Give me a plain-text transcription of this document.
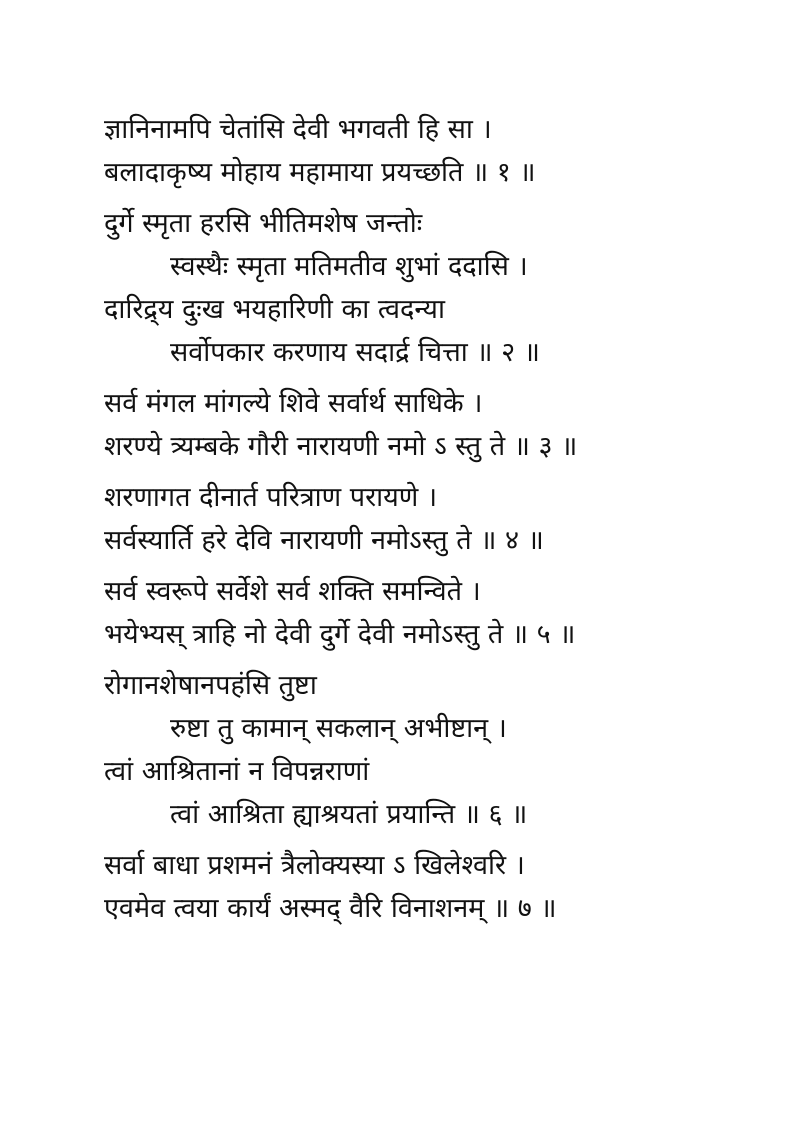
ज्ञानिनामपि चेतांसि देवी भगवती हि सा ।
बलादाकृष्य मोहाय महामाया प्रयच्छति ॥ १ ॥
दुर्गे स्मृता हरसि भीतिमशेष जन्तोः
स्वस्थैः स्मृता मतिमतीव शुभां ददासि ।
दारिद्र्य दुःख भयहारिणी का त्वदन्या
सर्वोपकार करणाय सदार्द्र चित्ता ॥ २ ॥
सर्व मंगल मांगल्ये शिवे सर्वार्थ साधिके ।
शरण्ये त्र्यम्बके गौरी नारायणी नमो ऽ स्तु ते ॥ ३ ॥
शरणागत दीनार्त परित्राण परायणे ।
सर्वस्यार्ति हरे देवि नारायणी नमोऽस्तु ते ॥ ४ ॥
सर्व स्वरूपे सर्वेशे सर्व शक्ति समन्विते ।
भयेभ्यस् त्राहि नो देवी दुर्गे देवी नमोऽस्तु ते ॥ ५ ॥
रोगानशेषानपहंसि तुष्टा
रुष्टा तु कामान् सकलान् अभीष्टान् ।
त्वां आश्रितानां न विपन्नराणां
त्वां आश्रिता ह्याश्रयतां प्रयान्ति ॥ ६ ॥
सर्वा बाधा प्रशमनं त्रैलोक्यस्या ऽ खिलेश्वरि ।
एवमेव त्वया कार्यं अस्मद् वैरि विनाशनम् ॥ ७ ॥
